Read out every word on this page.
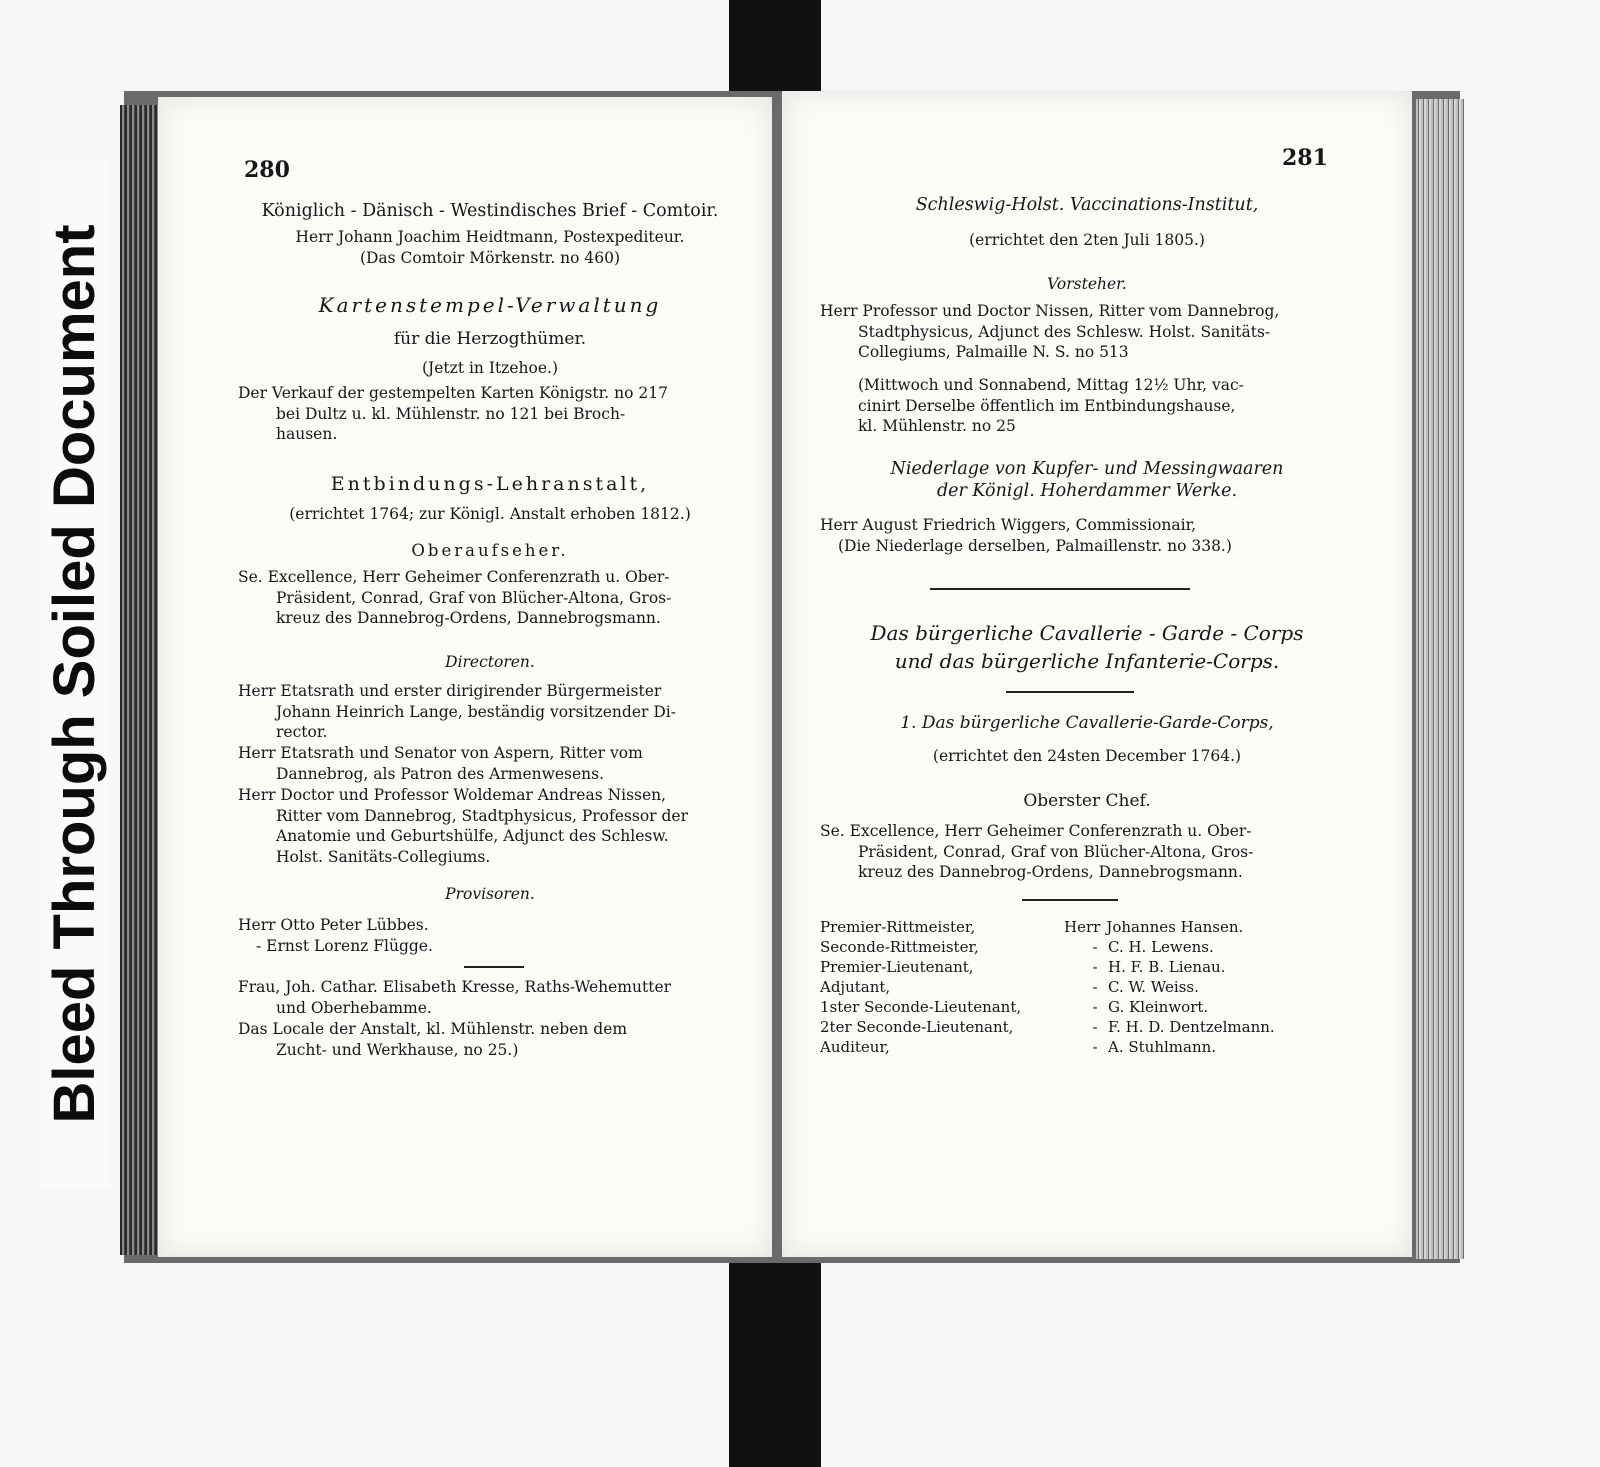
Bleed Through Soiled Document
280
Königlich - Dänisch - Westindisches Brief - Comtoir.
Herr Johann Joachim Heidtmann, Postexpediteur.
(Das Comtoir Mörkenstr. no 460)
Kartenstempel-Verwaltung
für die Herzogthümer.
(Jetzt in Itzehoe.)
Der Verkauf der gestempelten Karten Königstr. no 217
bei Dultz u. kl. Mühlenstr. no 121 bei Broch-
hausen.
Entbindungs-Lehranstalt,
(errichtet 1764; zur Königl. Anstalt erhoben 1812.)
Oberaufseher.
Se. Excellence, Herr Geheimer Conferenzrath u. Ober-
Präsident, Conrad, Graf von Blücher-Altona, Gros-
kreuz des Dannebrog-Ordens, Dannebrogsmann.
Directoren.
Herr Etatsrath und erster dirigirender Bürgermeister
Johann Heinrich Lange, beständig vorsitzender Di-
rector.
Herr Etatsrath und Senator von Aspern, Ritter vom
Dannebrog, als Patron des Armenwesens.
Herr Doctor und Professor Woldemar Andreas Nissen,
Ritter vom Dannebrog, Stadtphysicus, Professor der
Anatomie und Geburtshülfe, Adjunct des Schlesw.
Holst. Sanitäts-Collegiums.
Provisoren.
Herr Otto Peter Lübbes.
- Ernst Lorenz Flügge.
Frau, Joh. Cathar. Elisabeth Kresse, Raths-Wehemutter
und Oberhebamme.
Das Locale der Anstalt, kl. Mühlenstr. neben dem
Zucht- und Werkhause, no 25.)
281
Schleswig-Holst. Vaccinations-Institut,
(errichtet den 2ten Juli 1805.)
Vorsteher.
Herr Professor und Doctor Nissen, Ritter vom Dannebrog,
Stadtphysicus, Adjunct des Schlesw. Holst. Sanitäts-
Collegiums, Palmaille N. S. no 513
(Mittwoch und Sonnabend, Mittag 12½ Uhr, vac-
cinirt Derselbe öffentlich im Entbindungshause,
kl. Mühlenstr. no 25
Niederlage von Kupfer- und Messingwaaren
der Königl. Hoherdammer Werke.
Herr August Friedrich Wiggers, Commissionair,
(Die Niederlage derselben, Palmaillenstr. no 338.)
Das bürgerliche Cavallerie - Garde - Corps
und das bürgerliche Infanterie-Corps.
1. Das bürgerliche Cavallerie-Garde-Corps,
(errichtet den 24sten December 1764.)
Oberster Chef.
Se. Excellence, Herr Geheimer Conferenzrath u. Ober-
Präsident, Conrad, Graf von Blücher-Altona, Gros-
kreuz des Dannebrog-Ordens, Dannebrogsmann.
Premier-Rittmeister,	Herr Johannes Hansen.
Seconde-Rittmeister,	- C. H. Lewens.
Premier-Lieutenant,	- H. F. B. Lienau.
Adjutant,	- C. W. Weiss.
1ster Seconde-Lieutenant,	- G. Kleinwort.
2ter Seconde-Lieutenant,	- F. H. D. Dentzelmann.
Auditeur,	- A. Stuhlmann.
